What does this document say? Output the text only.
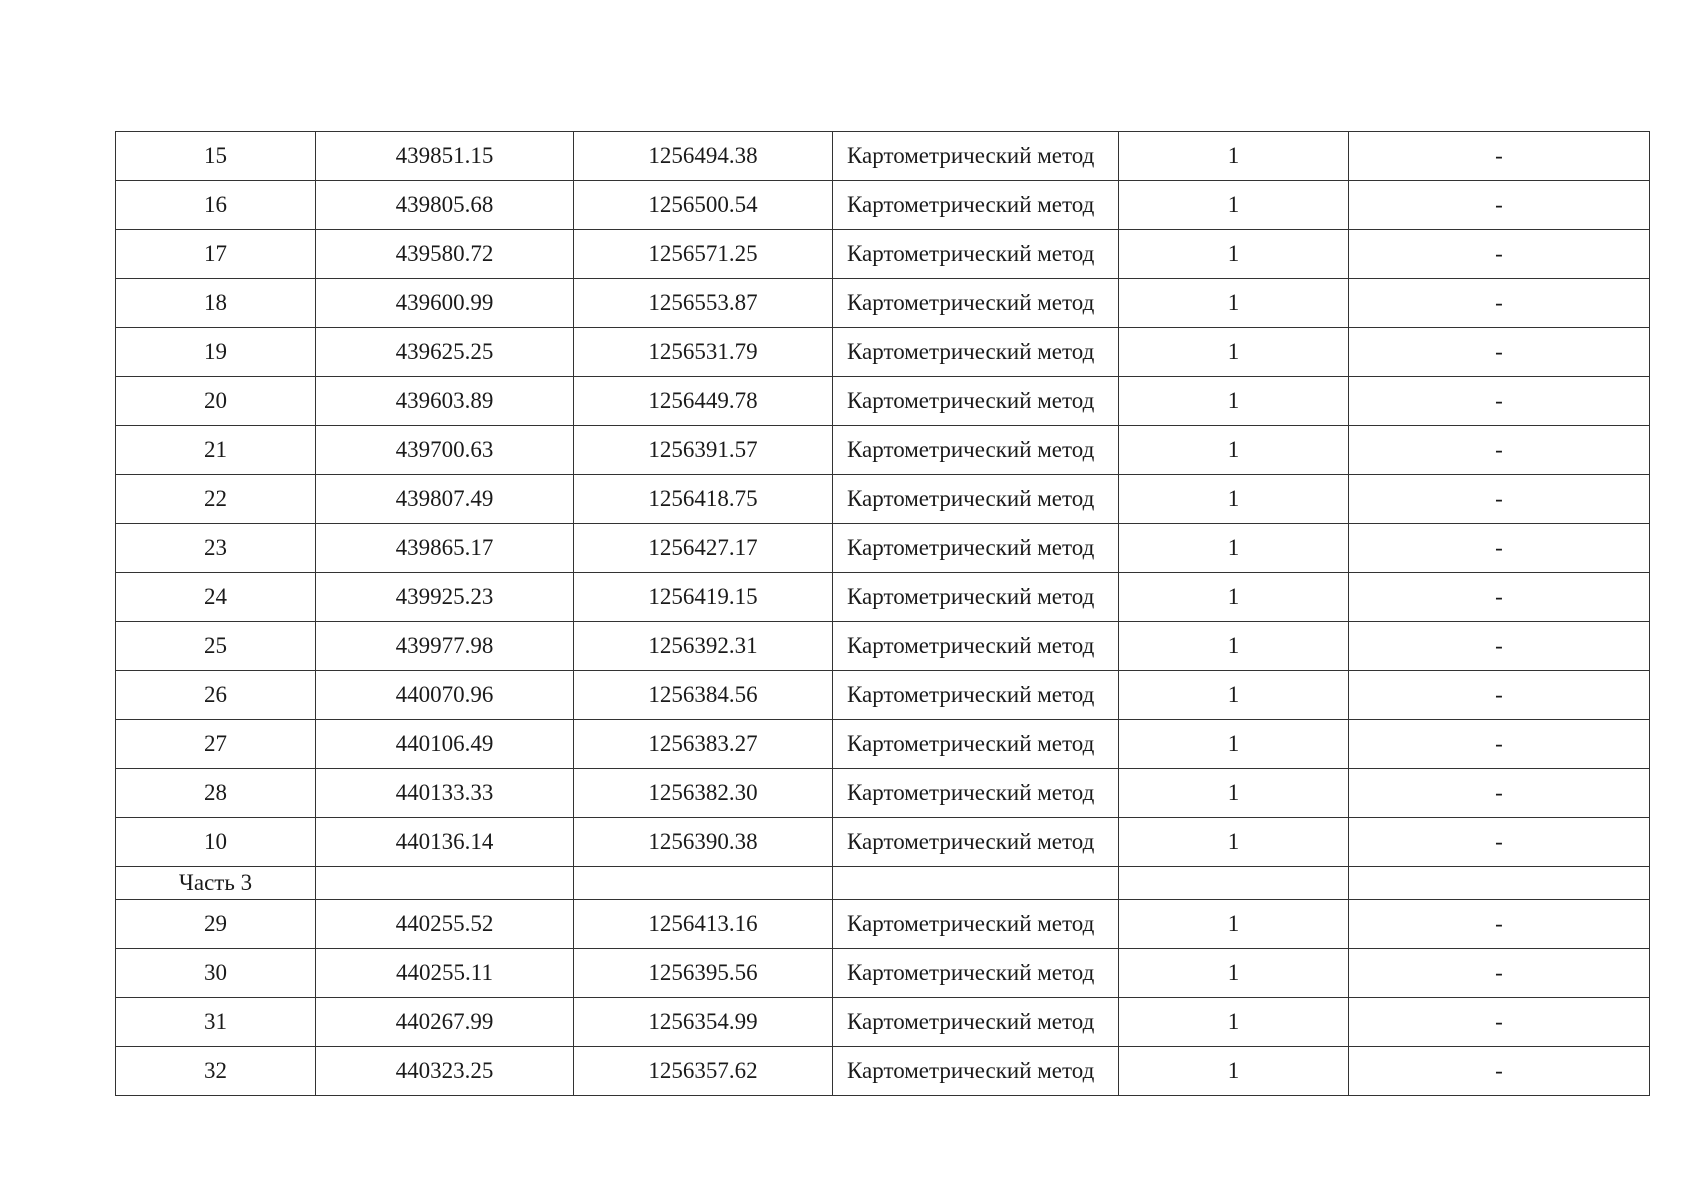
15	439851.15	1256494.38	Картометрический метод	1	-
16	439805.68	1256500.54	Картометрический метод	1	-
17	439580.72	1256571.25	Картометрический метод	1	-
18	439600.99	1256553.87	Картометрический метод	1	-
19	439625.25	1256531.79	Картометрический метод	1	-
20	439603.89	1256449.78	Картометрический метод	1	-
21	439700.63	1256391.57	Картометрический метод	1	-
22	439807.49	1256418.75	Картометрический метод	1	-
23	439865.17	1256427.17	Картометрический метод	1	-
24	439925.23	1256419.15	Картометрический метод	1	-
25	439977.98	1256392.31	Картометрический метод	1	-
26	440070.96	1256384.56	Картометрический метод	1	-
27	440106.49	1256383.27	Картометрический метод	1	-
28	440133.33	1256382.30	Картометрический метод	1	-
10	440136.14	1256390.38	Картометрический метод	1	-
Часть 3					
29	440255.52	1256413.16	Картометрический метод	1	-
30	440255.11	1256395.56	Картометрический метод	1	-
31	440267.99	1256354.99	Картометрический метод	1	-
32	440323.25	1256357.62	Картометрический метод	1	-
